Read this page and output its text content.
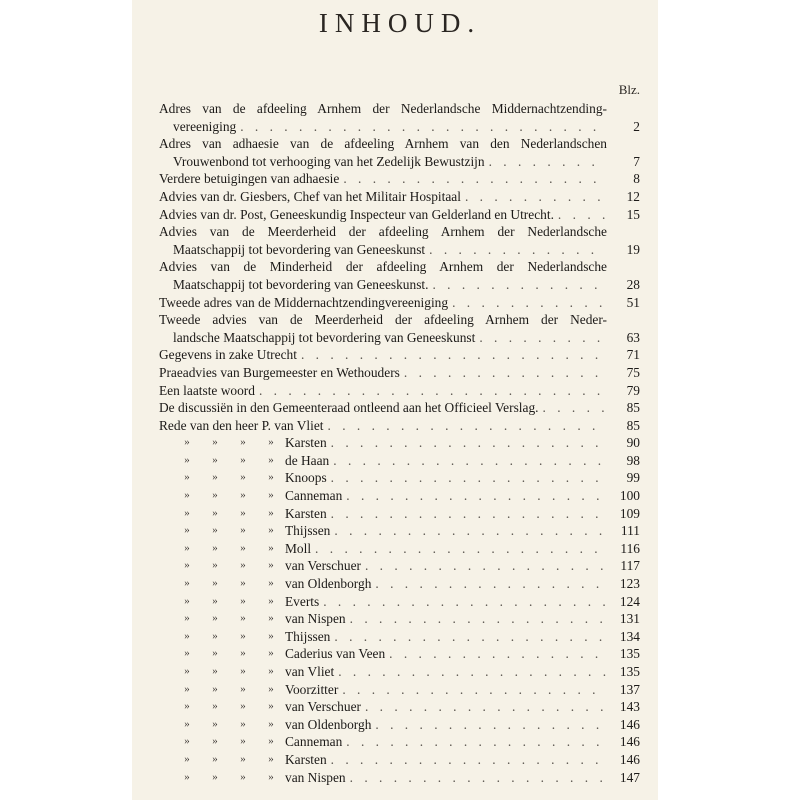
INHOUD.
Blz.
Adres van de afdeeling Arnhem der Nederlandsche Middernachtzending-
vereeniging . . .	2
Adres van adhaesie van de afdeeling Arnhem van den Nederlandschen
Vrouwenbond tot verhooging van het Zedelijk Bewustzijn . . .	7
Verdere betuigingen van adhaesie . . .	8
Advies van dr. Giesbers, Chef van het Militair Hospitaal . . .	12
Advies van dr. Post, Geneeskundig Inspecteur van Gelderland en Utrecht. . . .	15
Advies van de Meerderheid der afdeeling Arnhem der Nederlandsche
Maatschappij tot bevordering van Geneeskunst . . .	19
Advies van de Minderheid der afdeeling Arnhem der Nederlandsche
Maatschappij tot bevordering van Geneeskunst. . . .	28
Tweede adres van de Middernachtzendingvereeniging . . .	51
Tweede advies van de Meerderheid der afdeeling Arnhem der Neder-
landsche Maatschappij tot bevordering van Geneeskunst . . .	63
Gegevens in zake Utrecht . . .	71
Praeadvies van Burgemeester en Wethouders . . .	75
Een laatste woord . . .	79
De discussiën in den Gemeenteraad ontleend aan het Officieel Verslag. . . .	85
Rede van den heer P. van Vliet . . .	85
» » » » Karsten . . .	90
» » » » de Haan . . .	98
» » » » Knoops . . .	99
» » » » Canneman . . .	100
» » » » Karsten . . .	109
» » » » Thijssen . . .	111
» » » » Moll . . .	116
» » » » van Verschuer . . .	117
» » » » van Oldenborgh . . .	123
» » » » Everts . . .	124
» » » » van Nispen . . .	131
» » » » Thijssen . . .	134
» » » » Caderius van Veen . . .	135
» » » » van Vliet . . .	135
» » » » Voorzitter . . .	137
» » » » van Verschuer . . .	143
» » » » van Oldenborgh . . .	146
» » » » Canneman . . .	146
» » » » Karsten . . .	146
» » » » van Nispen . . .	147
